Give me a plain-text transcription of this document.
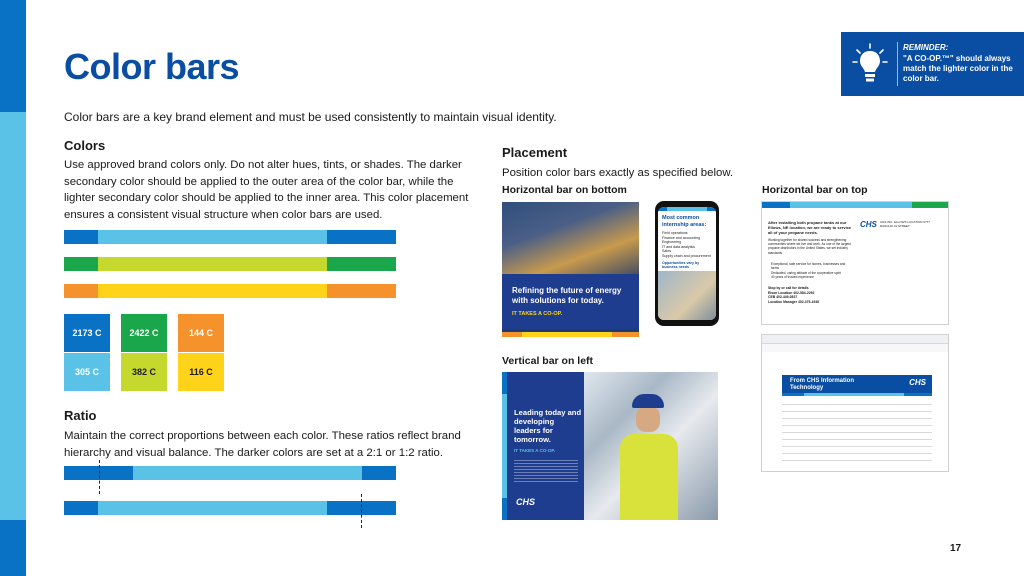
Color bars

Color bars are a key brand element and must be used consistently to maintain visual identity.

REMINDER:

"A CO-OP.™" should always match the lighter color in the color bar.

Colors

Use approved brand colors only. Do not alter hues, tints, or shades. The darker secondary color should be applied to the outer area of the color bar, while the lighter secondary color should be applied to the inner area. This color placement ensures a consistent visual structure when color bars are used.

2173 C
305 C
2422 C
382 C
144 C
116 C
Ratio

Maintain the correct proportions between each color. These ratios reflect brand hierarchy and visual balance. The darker colors are set at a 2:1 or 1:2 ratio.

Placement

Position color bars exactly as specified below.

Horizontal bar on bottom	Horizontal bar on top

Vertical bar on left

Refining the future of energy with solutions for today.

IT TAKES A CO-OP.

Most common internship areas:

Field operations

Finance and accounting

Engineering

IT and data analytics

Sales

Supply chain and procurement

Opportunities vary by business needs

After installing both propane tanks at our Ellows, NE location, we are ready to service all of your propane needs.

CHS CHS INC. ELLOWS LOCATION 0777 RANCHO 41 STREET

Working together for shared success and strengthening communities where we live and work. As one of the largest propane distributors in the United States, we set industry standards.

Exceptional, safe service for homes, businesses and farms

Dedicated, caring attitude of the cooperative spirit

40 years of trusted experience

Stop by or call for details
Elson Location 402-584-2292
CEB 402-449-0837
Location Manager 402-375-1938

From CHS Information Technology

CHS

Leading today and developing leaders for tomorrow.

IT TAKES A CO-OP.

CHS

17
